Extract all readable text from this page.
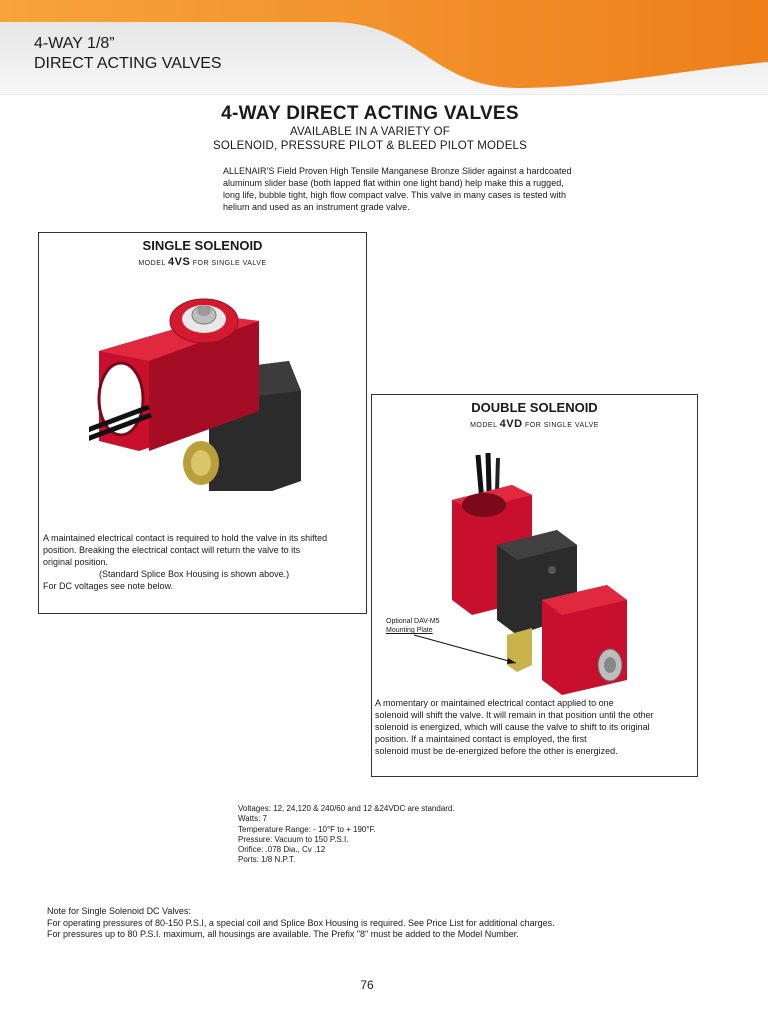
4-WAY 1/8”
DIRECT ACTING VALVES
4-WAY DIRECT ACTING VALVES
AVAILABLE IN A VARIETY OF
SOLENOID, PRESSURE PILOT & BLEED PILOT MODELS
ALLENAIR’S Field Proven High Tensile Manganese Bronze Slider against a hardcoated
aluminum slider base (both lapped flat within one light band) help make this a rugged,
long life, bubble tight, high flow compact valve. This valve in many cases is tested with
helium and used as an instrument grade valve.
SINGLE SOLENOID
MODEL 4VS FOR SINGLE VALVE
A maintained electrical contact is required to hold the valve in its shifted
position. Breaking the electrical contact will return the valve to its
original position.
(Standard Splice Box Housing is shown above.)
For DC voltages see note below.
DOUBLE SOLENOID
MODEL 4VD FOR SINGLE VALVE
Optional DAV-M5
Mounting Plate
A momentary or maintained electrical contact applied to one
solenoid will shift the valve. It will remain in that position until the other
solenoid is energized, which will cause the valve to shift to its original
position. If a maintained contact is employed, the first
solenoid must be de-energized before the other is energized.
Voltages: 12, 24,120 & 240/60 and 12 &24VDC are standard.
Watts: 7
Temperature Range: - 10°F to + 190°F.
Pressure: Vacuum to 150 P.S.I.
Orifice: .078 Dia., Cv .12
Ports: 1/8 N.P.T.
Note for Single Solenoid DC Valves:
For operating pressures of 80-150 P.S.I, a special coil and Splice Box Housing is required. See Price List for additional charges.
For pressures up to 80 P.S.I. maximum, all housings are available. The Prefix "8" must be added to the Model Number.
76
